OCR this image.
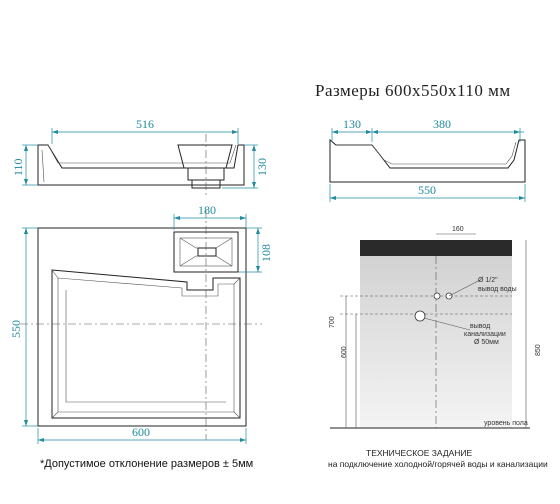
Размеры 600x550x110 мм
516
110	130
130	380
550
180
108
550
600
160
700
600	850
Ø 1/2"
вывод воды
вывод
канализации
Ø 50мм
уровень пола
ТЕХНИЧЕСКОЕ ЗАДАНИЕ
на подключение холодной/горячей воды и канализации
*Допустимое отклонение размеров ± 5мм
